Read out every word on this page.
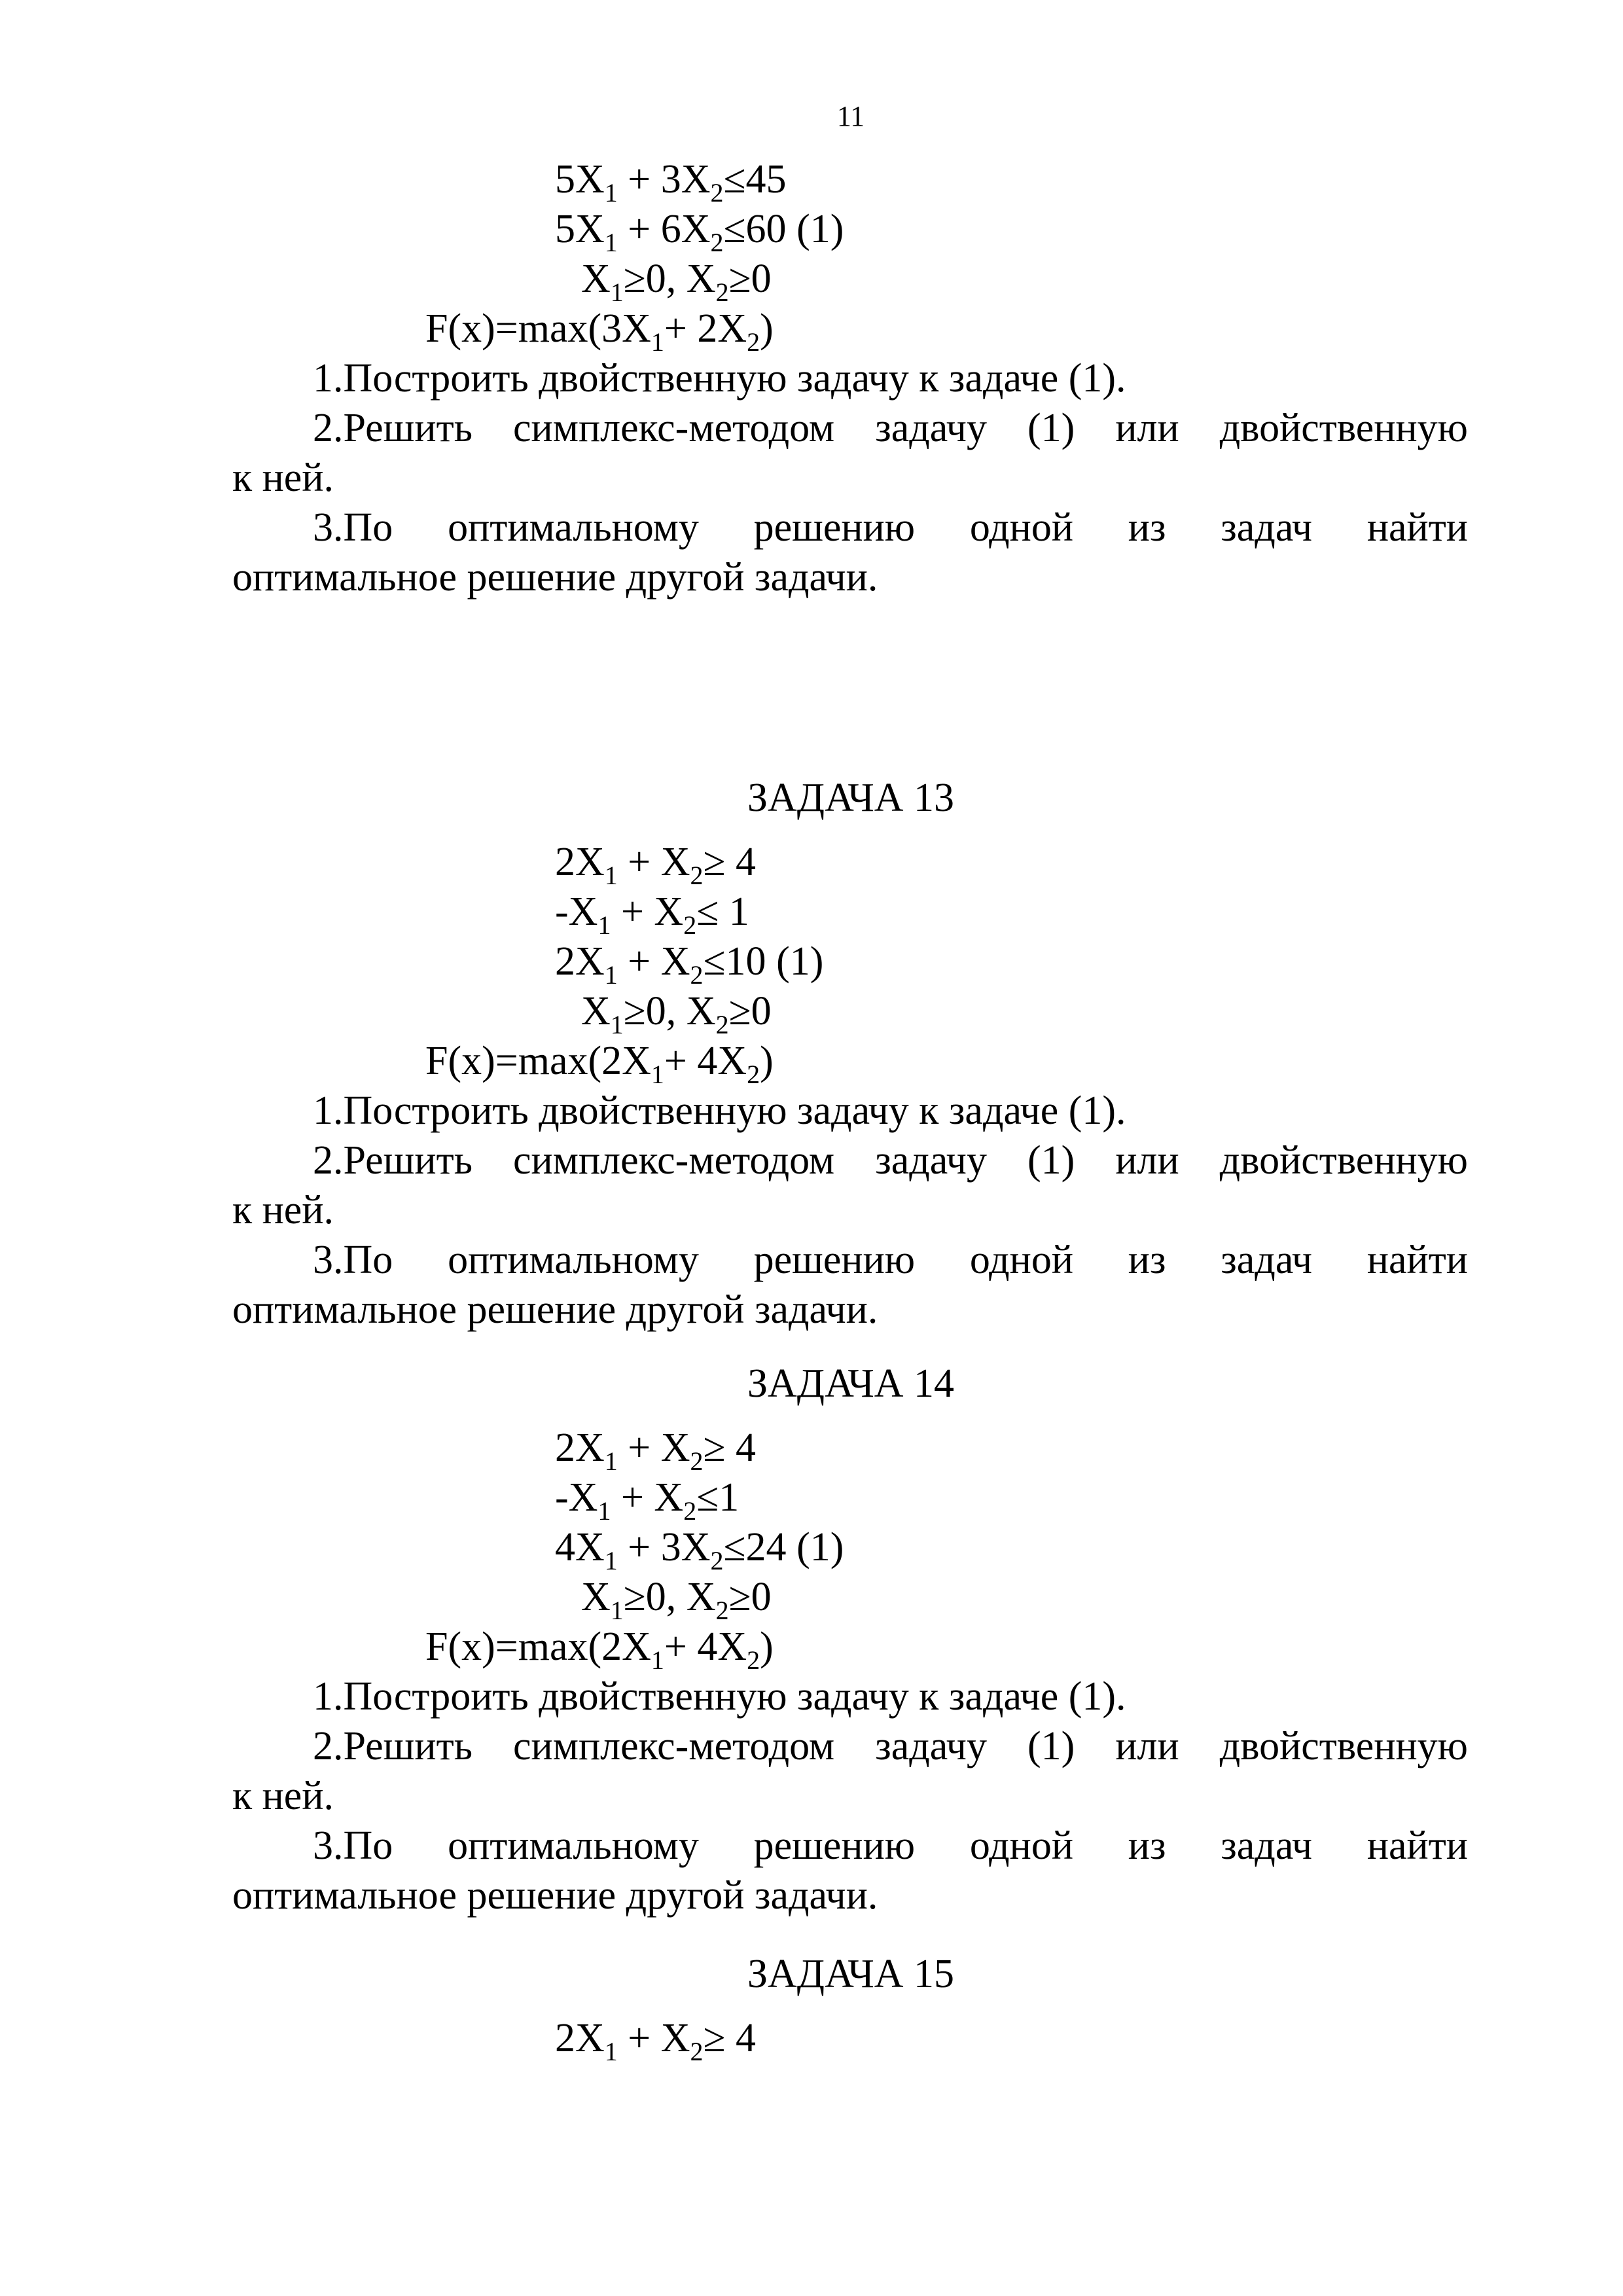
11
$5X_1 + 3X_2\le 45$
$5X_1 + 6X_2\le 60$ (1)
$X_1\ge 0$, $X_2\ge 0$
$F(x)=\max(3X_1+ 2X_2)$
1.Построить двойственную задачу к задаче (1).
2.Решить симплекс-методом задачу (1) или двойственную
к ней.
3.По оптимальному решению одной из задач найти
оптимальное решение другой задачи.
ЗАДАЧА 13
$2X_1 + X_2\ge 4$
$-X_1 + X_2\le 1$
$2X_1 + X_2\le 10$ (1)
$X_1\ge 0$, $X_2\ge 0$
$F(x)=\max(2X_1+ 4X_2)$
1.Построить двойственную задачу к задаче (1).
2.Решить симплекс-методом задачу (1) или двойственную
к ней.
3.По оптимальному решению одной из задач найти
оптимальное решение другой задачи.
ЗАДАЧА 14
$2X_1 + X_2\ge 4$
$-X_1 + X_2\le 1$
$4X_1 + 3X_2\le 24$ (1)
$X_1\ge 0$, $X_2\ge 0$
$F(x)=\max(2X_1+ 4X_2)$
1.Построить двойственную задачу к задаче (1).
2.Решить симплекс-методом задачу (1) или двойственную
к ней.
3.По оптимальному решению одной из задач найти
оптимальное решение другой задачи.
ЗАДАЧА 15
$2X_1 + X_2\ge 4$
